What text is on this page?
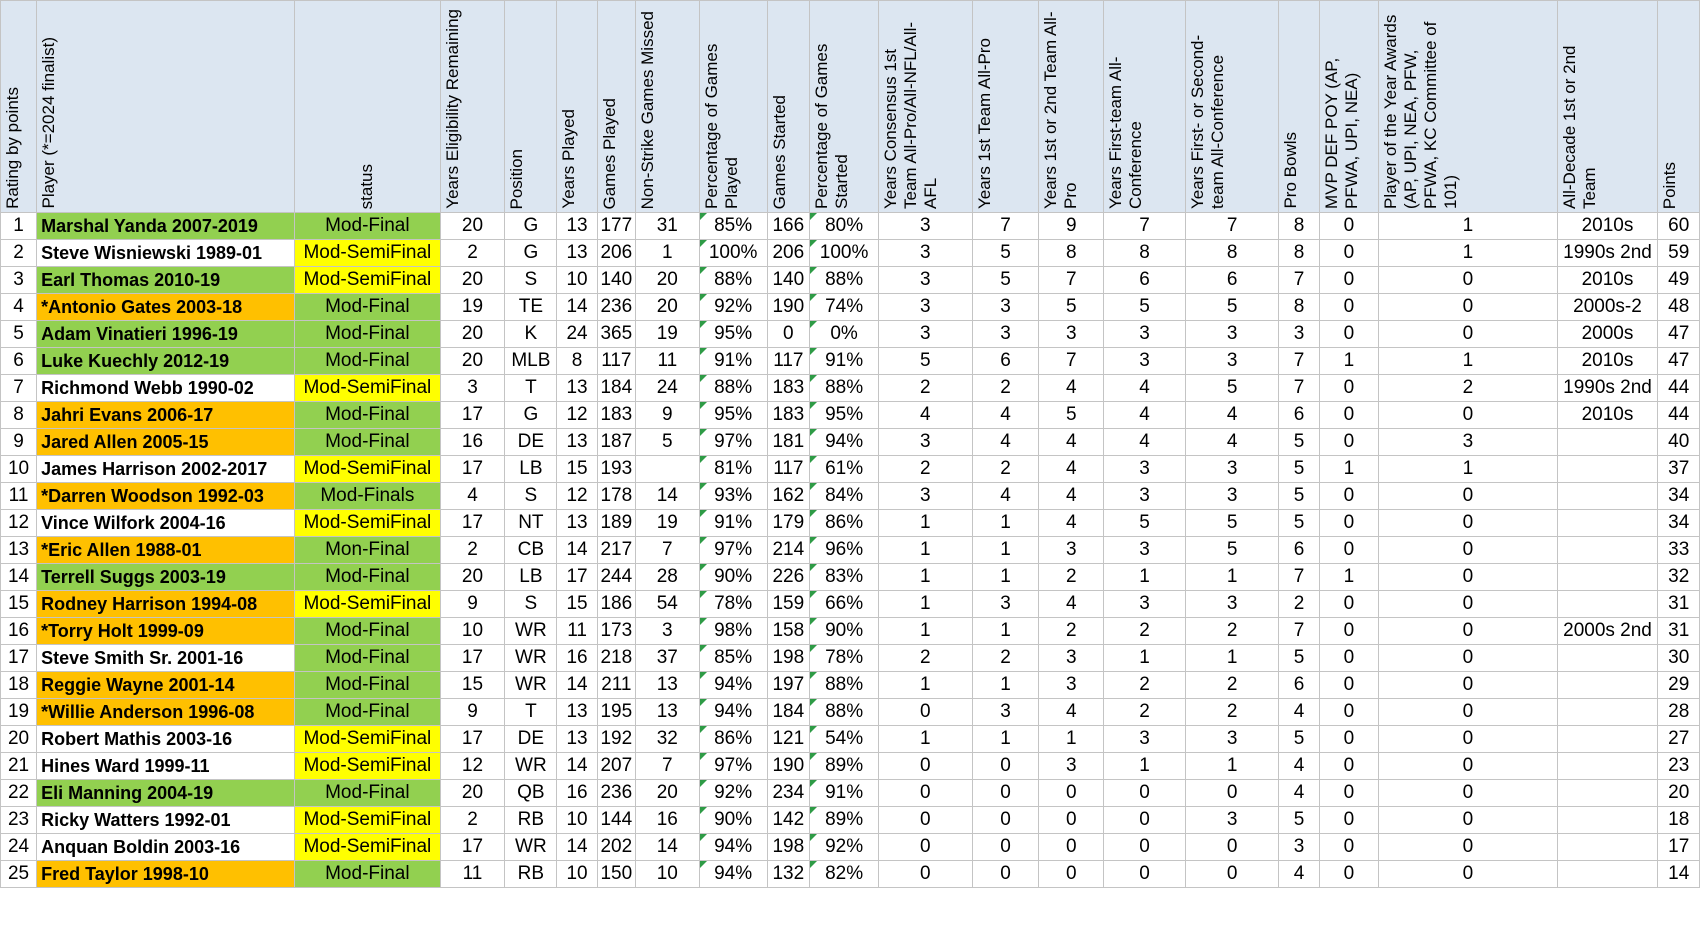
Rating by points	Player (*=2024 finalist)	status	Years Eligibility Remaining	Position	Years Played	Games Played	Non-Strike Games Missed	Percentage of Games Played	Games Started	Percentage of Games Started	Years Consensus 1st Team All-Pro/All-NFL/All-AFL	Years 1st Team All-Pro	Years 1st or 2nd Team All-Pro	Years First-team All-Conference	Years First- or Second-team All-Conference	Pro Bowls	MVP DEF POY (AP, PFWA, UPI, NEA)	Player of the Year Awards (AP, UPI, NEA, PFW, PFWA, KC Committee of 101)	All-Decade 1st or 2nd Team	Points

1	Marshal Yanda 2007-2019	Mod-Final	20	G	13	177	31	85%	166	80%	3	7	9	7	7	8	0	1	2010s	60
2	Steve Wisniewski 1989-01	Mod-SemiFinal	2	G	13	206	1	100%	206	100%	3	5	8	8	8	8	0	1	1990s 2nd	59
3	Earl Thomas 2010-19	Mod-SemiFinal	20	S	10	140	20	88%	140	88%	3	5	7	6	6	7	0	0	2010s	49
4	*Antonio Gates 2003-18	Mod-Final	19	TE	14	236	20	92%	190	74%	3	3	5	5	5	8	0	0	2000s-2	48
5	Adam Vinatieri 1996-19	Mod-Final	20	K	24	365	19	95%	0	0%	3	3	3	3	3	3	0	0	2000s	47
6	Luke Kuechly 2012-19	Mod-Final	20	MLB	8	117	11	91%	117	91%	5	6	7	3	3	7	1	1	2010s	47
7	Richmond Webb 1990-02	Mod-SemiFinal	3	T	13	184	24	88%	183	88%	2	2	4	4	5	7	0	2	1990s 2nd	44
8	Jahri Evans 2006-17	Mod-Final	17	G	12	183	9	95%	183	95%	4	4	5	4	4	6	0	0	2010s	44
9	Jared Allen 2005-15	Mod-Final	16	DE	13	187	5	97%	181	94%	3	4	4	4	4	5	0	3		40
10	James Harrison 2002-2017	Mod-SemiFinal	17	LB	15	193		81%	117	61%	2	2	4	3	3	5	1	1		37
11	*Darren Woodson 1992-03	Mod-Finals	4	S	12	178	14	93%	162	84%	3	4	4	3	3	5	0	0		34
12	Vince Wilfork 2004-16	Mod-SemiFinal	17	NT	13	189	19	91%	179	86%	1	1	4	5	5	5	0	0		34
13	*Eric Allen 1988-01	Mon-Final	2	CB	14	217	7	97%	214	96%	1	1	3	3	5	6	0	0		33
14	Terrell Suggs 2003-19	Mod-Final	20	LB	17	244	28	90%	226	83%	1	1	2	1	1	7	1	0		32
15	Rodney Harrison 1994-08	Mod-SemiFinal	9	S	15	186	54	78%	159	66%	1	3	4	3	3	2	0	0		31
16	*Torry Holt 1999-09	Mod-Final	10	WR	11	173	3	98%	158	90%	1	1	2	2	2	7	0	0	2000s 2nd	31
17	Steve Smith Sr. 2001-16	Mod-Final	17	WR	16	218	37	85%	198	78%	2	2	3	1	1	5	0	0		30
18	Reggie Wayne 2001-14	Mod-Final	15	WR	14	211	13	94%	197	88%	1	1	3	2	2	6	0	0		29
19	*Willie Anderson 1996-08	Mod-Final	9	T	13	195	13	94%	184	88%	0	3	4	2	2	4	0	0		28
20	Robert Mathis 2003-16	Mod-SemiFinal	17	DE	13	192	32	86%	121	54%	1	1	1	3	3	5	0	0		27
21	Hines Ward 1999-11	Mod-SemiFinal	12	WR	14	207	7	97%	190	89%	0	0	3	1	1	4	0	0		23
22	Eli Manning 2004-19	Mod-Final	20	QB	16	236	20	92%	234	91%	0	0	0	0	0	4	0	0		20
23	Ricky Watters 1992-01	Mod-SemiFinal	2	RB	10	144	16	90%	142	89%	0	0	0	0	3	5	0	0		18
24	Anquan Boldin 2003-16	Mod-SemiFinal	17	WR	14	202	14	94%	198	92%	0	0	0	0	0	3	0	0		17
25	Fred Taylor 1998-10	Mod-Final	11	RB	10	150	10	94%	132	82%	0	0	0	0	0	4	0	0		14
